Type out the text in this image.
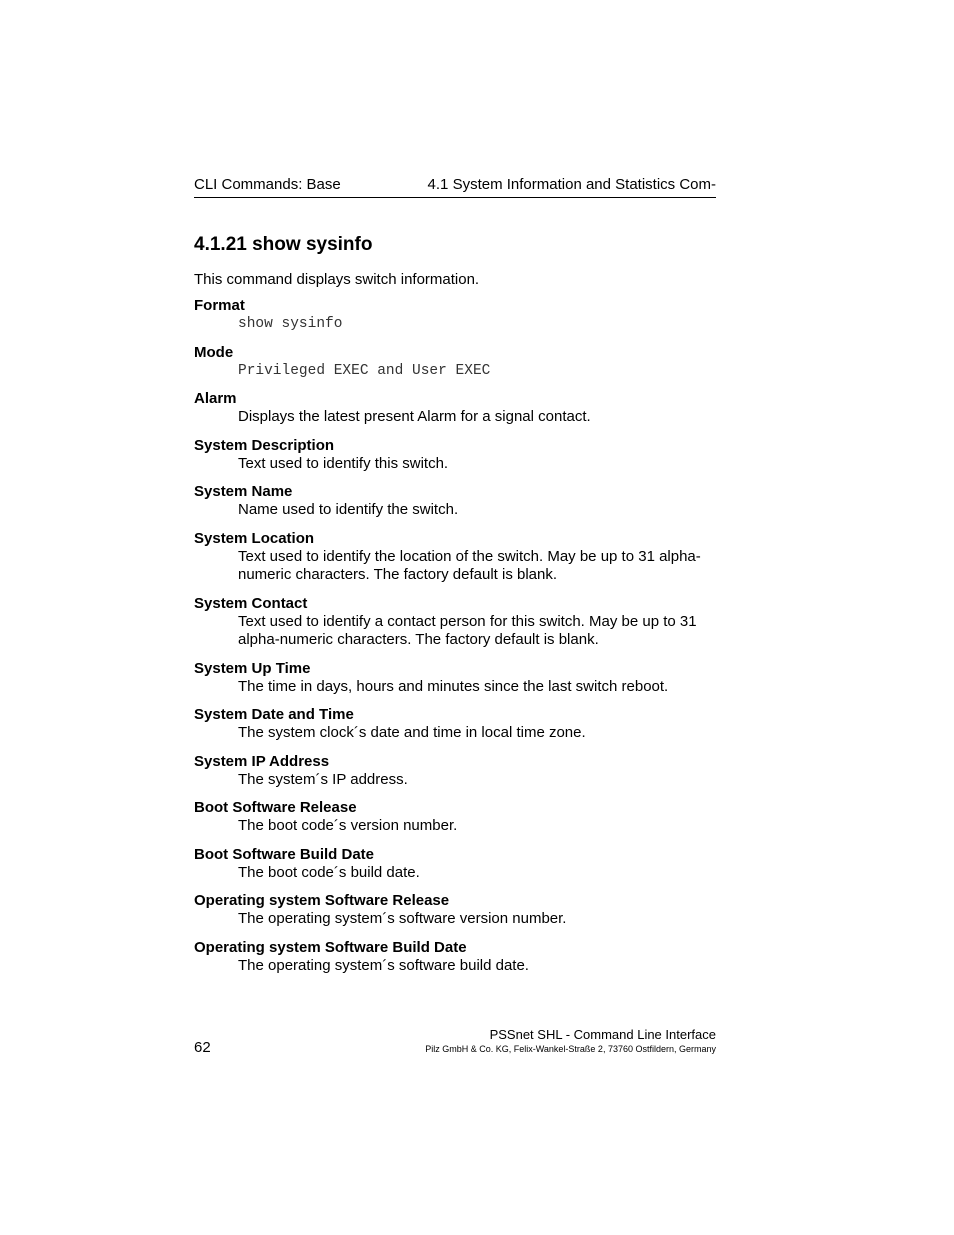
CLI Commands: Base	4.1 System Information and Statistics Com-
4.1.21 show sysinfo
This command displays switch information.
Format
show sysinfo
Mode
Privileged EXEC and User EXEC
Alarm
Displays the latest present Alarm for a signal contact.
System Description
Text used to identify this switch.
System Name
Name used to identify the switch.
System Location
Text used to identify the location of the switch. May be up to 31 alpha-numeric characters. The factory default is blank.
System Contact
Text used to identify a contact person for this switch. May be up to 31 alpha-numeric characters. The factory default is blank.
System Up Time
The time in days, hours and minutes since the last switch reboot.
System Date and Time
The system clock´s date and time in local time zone.
System IP Address
The system´s IP address.
Boot Software Release
The boot code´s version number.
Boot Software Build Date
The boot code´s build date.
Operating system Software Release
The operating system´s software version number.
Operating system Software Build Date
The operating system´s software build date.
62
PSSnet SHL - Command Line Interface
Pilz GmbH & Co. KG, Felix-Wankel-Straße 2, 73760 Ostfildern, Germany
